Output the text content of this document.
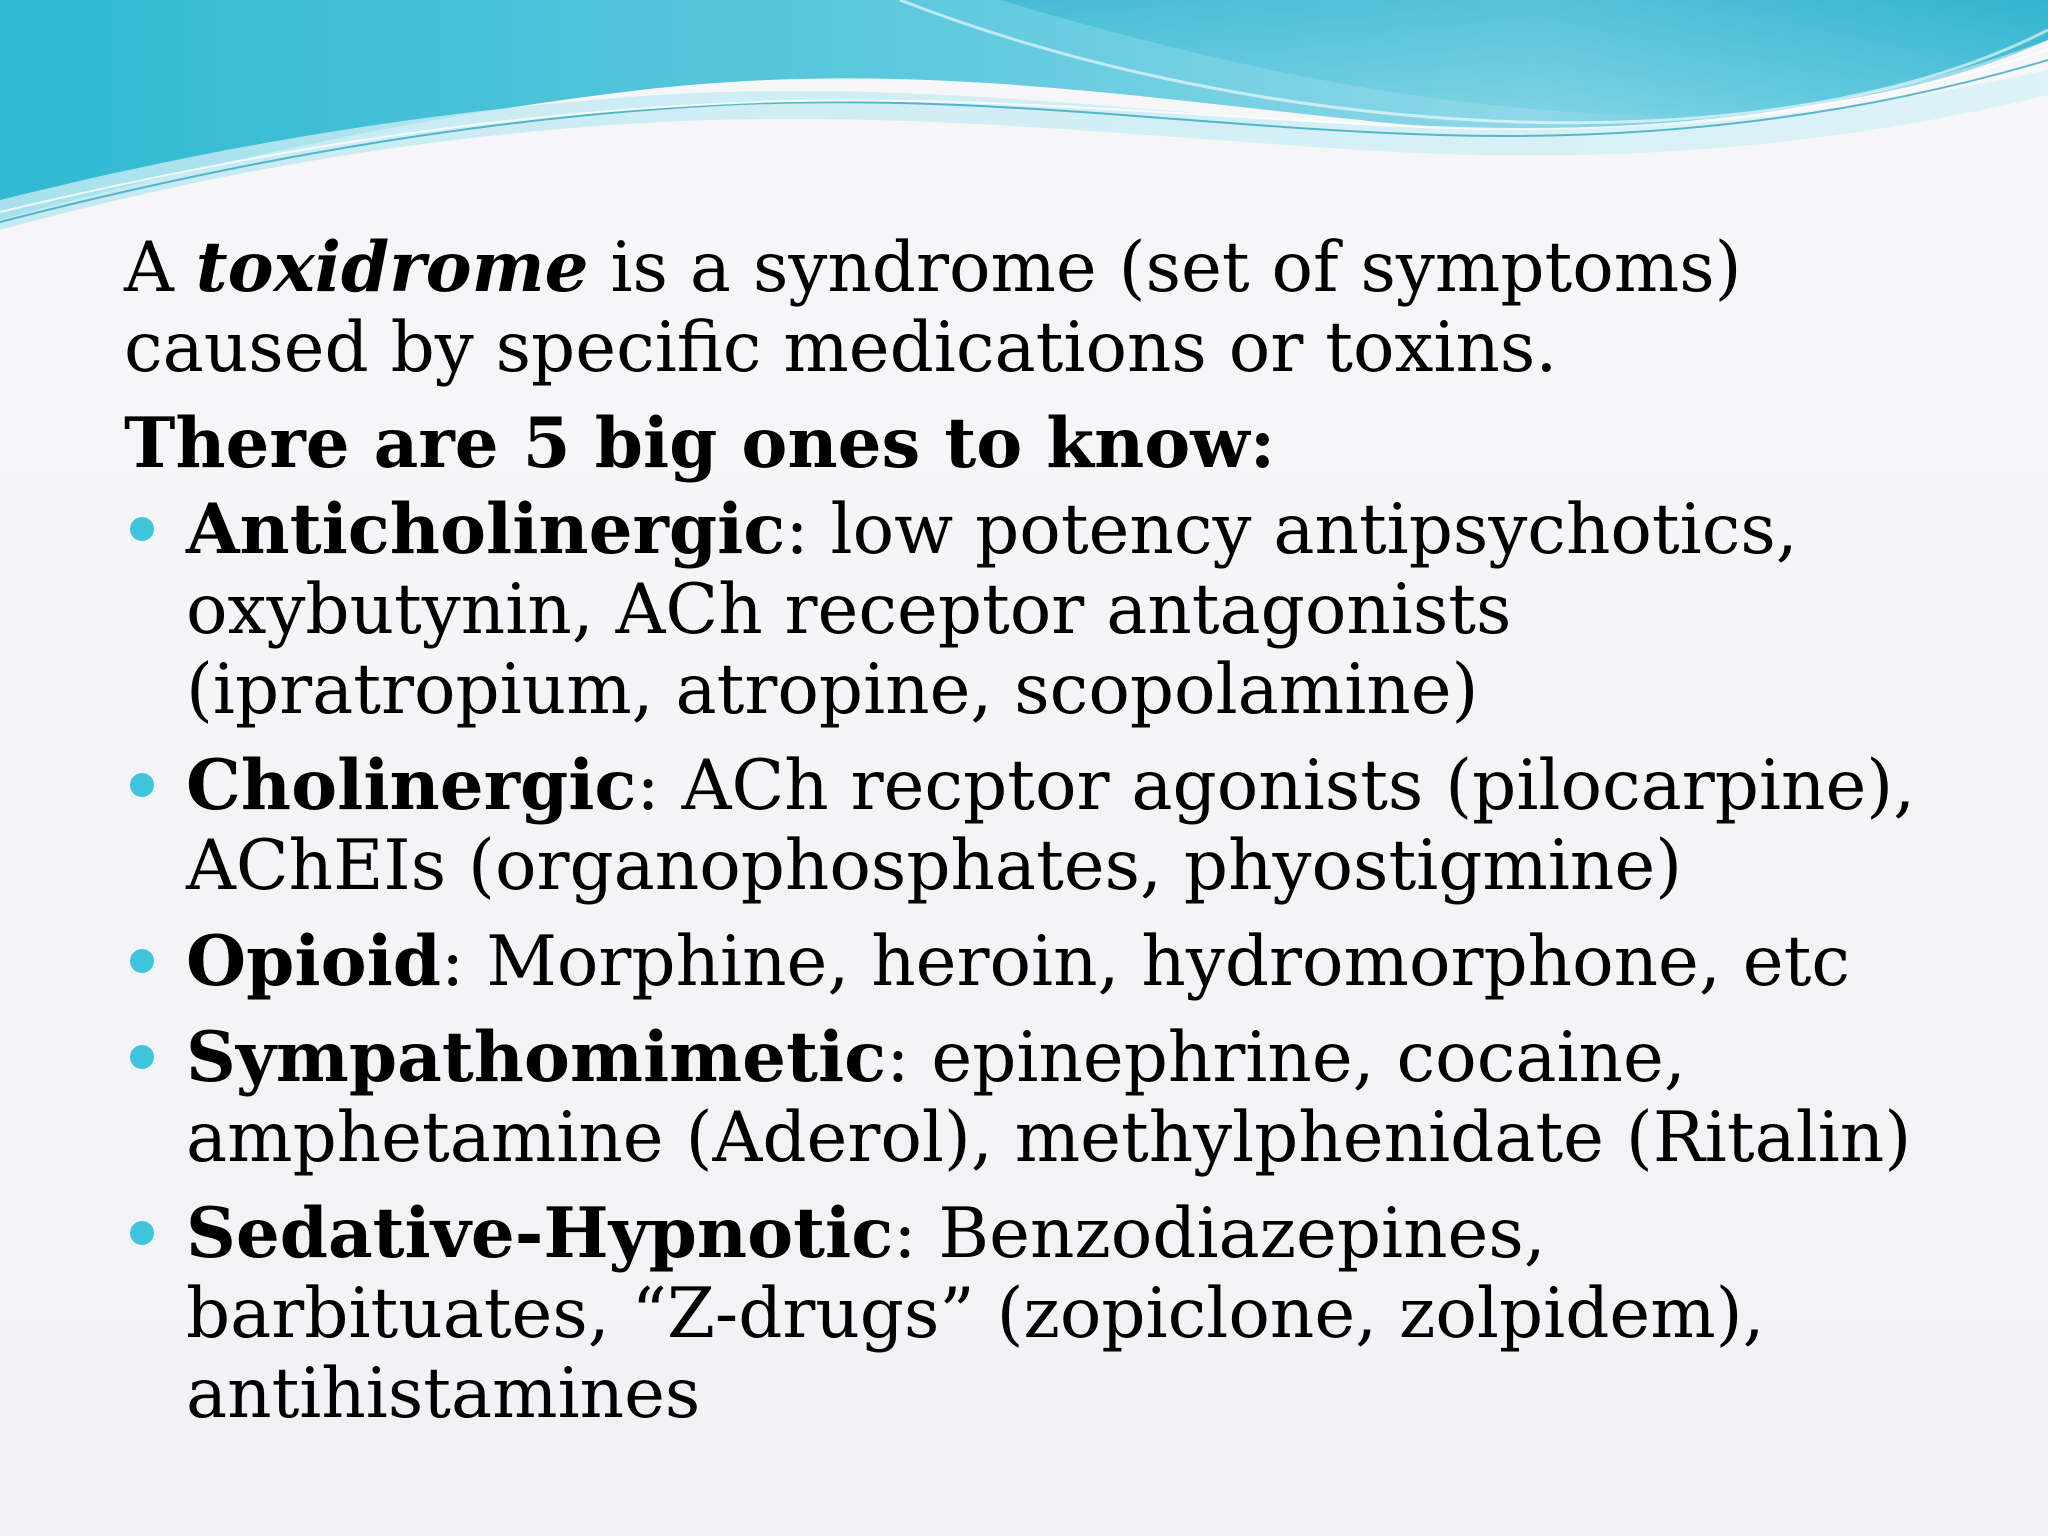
A toxidrome is a syndrome (set of symptoms) caused by specific medications or toxins.

There are 5 big ones to know:

Anticholinergic: low potency antipsychotics, oxybutynin, ACh receptor antagonists (ipratropium, atropine, scopolamine)
Cholinergic: ACh recptor agonists (pilocarpine), AChEIs (organophosphates, phyostigmine)
Opioid: Morphine, heroin, hydromorphone, etc
Sympathomimetic: epinephrine, cocaine, amphetamine (Aderol), methylphenidate (Ritalin)
Sedative-Hypnotic: Benzodiazepines, barbituates, “Z-drugs” (zopiclone, zolpidem), antihistamines
